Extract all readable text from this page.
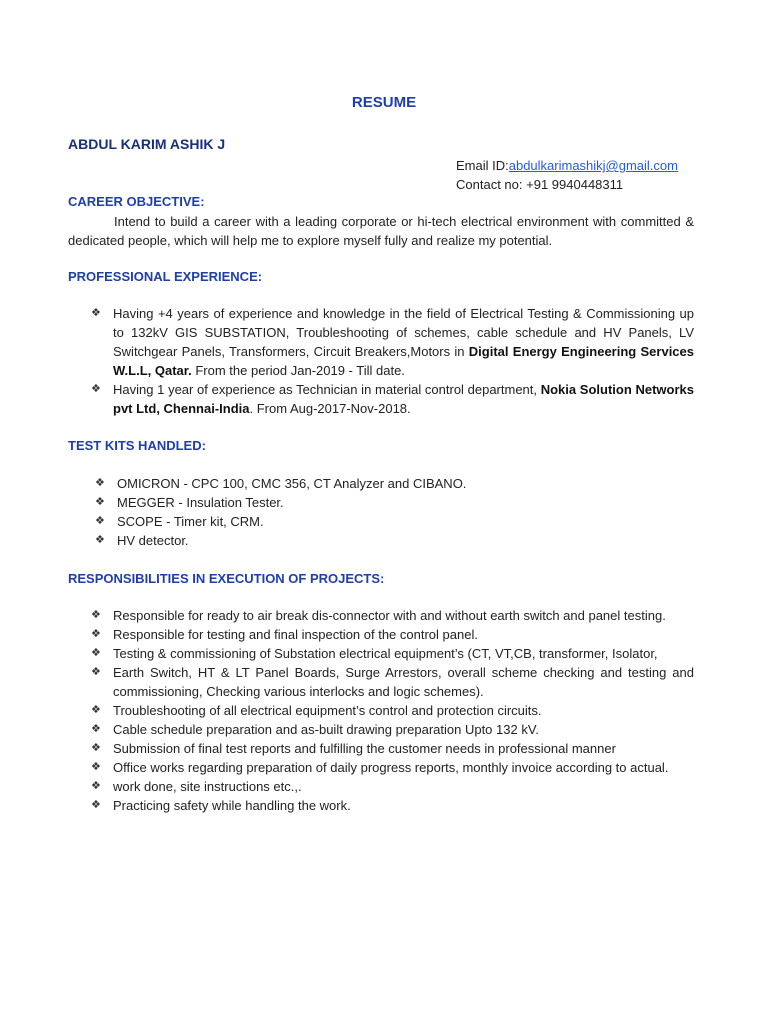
RESUME
ABDUL KARIM ASHIK J
Email ID:abdulkarimashikj@gmail.com
Contact no: +91 9940448311
CAREER OBJECTIVE:

Intend to build a career with a leading corporate or hi-tech electrical environment with committed & dedicated people, which will help me to explore myself fully and realize my potential.

PROFESSIONAL EXPERIENCE:
❖ Having +4 years of experience and knowledge in the field of Electrical Testing & Commissioning up to 132kV GIS SUBSTATION, Troubleshooting of schemes, cable schedule and HV Panels, LV Switchgear Panels, Transformers, Circuit Breakers,Motors in Digital Energy Engineering Services W.L.L, Qatar. From the period Jan-2019 - Till date.
❖ Having 1 year of experience as Technician in material control department, Nokia Solution Networks pvt Ltd, Chennai-India. From Aug-2017-Nov-2018.
TEST KITS HANDLED:
❖ OMICRON - CPC 100, CMC 356, CT Analyzer and CIBANO.
❖ MEGGER - Insulation Tester.
❖ SCOPE - Timer kit, CRM.
❖ HV detector.
RESPONSIBILITIES IN EXECUTION OF PROJECTS:
❖ Responsible for ready to air break dis-connector with and without earth switch and panel testing.
❖ Responsible for testing and final inspection of the control panel.
❖ Testing & commissioning of Substation electrical equipment’s (CT, VT,CB, transformer, Isolator,
❖ Earth Switch, HT & LT Panel Boards, Surge Arrestors, overall scheme checking and testing and commissioning, Checking various interlocks and logic schemes).
❖ Troubleshooting of all electrical equipment’s control and protection circuits.
❖ Cable schedule preparation and as-built drawing preparation Upto 132 kV.
❖ Submission of final test reports and fulfilling the customer needs in professional manner
❖ Office works regarding preparation of daily progress reports, monthly invoice according to actual.
❖ work done, site instructions etc.,.
❖ Practicing safety while handling the work.
